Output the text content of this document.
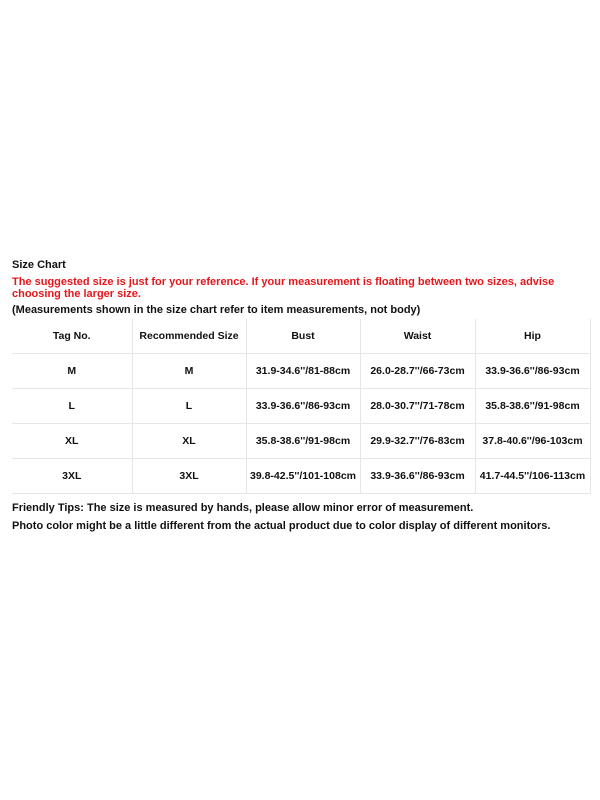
Size Chart
The suggested size is just for your reference. If your measurement is floating between two sizes, advise choosing the larger size.
(Measurements shown in the size chart refer to item measurements, not body)
Tag No.	Recommended Size	Bust	Waist	Hip
M	M	31.9-34.6''/81-88cm	26.0-28.7''/66-73cm	33.9-36.6''/86-93cm
L	L	33.9-36.6''/86-93cm	28.0-30.7''/71-78cm	35.8-38.6''/91-98cm
XL	XL	35.8-38.6''/91-98cm	29.9-32.7''/76-83cm	37.8-40.6''/96-103cm
3XL	3XL	39.8-42.5''/101-108cm	33.9-36.6''/86-93cm	41.7-44.5''/106-113cm

Friendly Tips: The size is measured by hands, please allow minor error of measurement.

Photo color might be a little different from the actual product due to color display of different monitors.
